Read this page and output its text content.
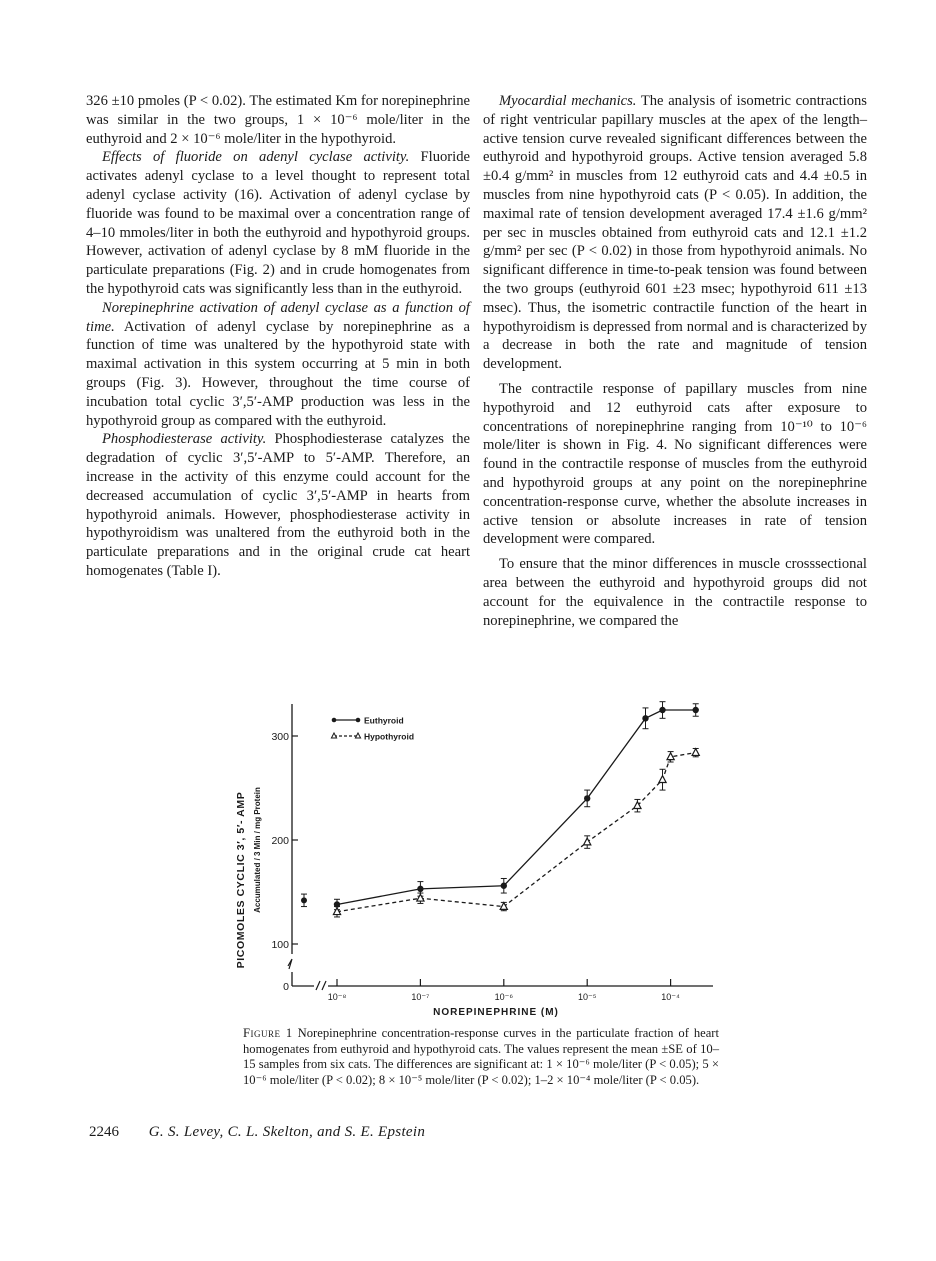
326 ±10 pmoles (P < 0.02). The estimated Km for norepinephrine was similar in the two groups, 1 × 10⁻⁶ mole/liter in the euthyroid and 2 × 10⁻⁶ mole/liter in the hypothyroid.

Effects of fluoride on adenyl cyclase activity. Fluoride activates adenyl cyclase to a level thought to represent total adenyl cyclase activity (16). Activation of adenyl cyclase by fluoride was found to be maximal over a concentration range of 4–10 mmoles/liter in both the euthyroid and hypothyroid groups. However, activation of adenyl cyclase by 8 mM fluoride in the particulate preparations (Fig. 2) and in crude homogenates from the hypothyroid cats was significantly less than in the euthyroid.

Norepinephrine activation of adenyl cyclase as a function of time. Activation of adenyl cyclase by norepinephrine as a function of time was unaltered by the hypothyroid state with maximal activation in this system occurring at 5 min in both groups (Fig. 3). However, throughout the time course of incubation total cyclic 3′,5′-AMP production was less in the hypothyroid group as compared with the euthyroid.

Phosphodiesterase activity. Phosphodiesterase catalyzes the degradation of cyclic 3′,5′-AMP to 5′-AMP. Therefore, an increase in the activity of this enzyme could account for the decreased accumulation of cyclic 3′,5′-AMP in hearts from hypothyroid animals. However, phosphodiesterase activity in hypothyroidism was unaltered from the euthyroid both in the particulate preparations and in the original crude cat heart homogenates (Table I).

Myocardial mechanics. The analysis of isometric contractions of right ventricular papillary muscles at the apex of the length–active tension curve revealed significant differences between the euthyroid and hypothyroid groups. Active tension averaged 5.8 ±0.4 g/mm² in muscles from 12 euthyroid cats and 4.4 ±0.5 in muscles from nine hypothyroid cats (P < 0.05). In addition, the maximal rate of tension development averaged 17.4 ±1.6 g/mm² per sec in muscles obtained from euthyroid cats and 12.1 ±1.2 g/mm² per sec (P < 0.02) in those from hypothyroid animals. No significant difference in time-to-peak tension was found between the two groups (euthyroid 601 ±23 msec; hypothyroid 611 ±13 msec). Thus, the isometric contractile function of the heart in hypothyroidism is depressed from normal and is characterized by a decrease in both the rate and magnitude of tension development.

The contractile response of papillary muscles from nine hypothyroid and 12 euthyroid cats after exposure to concentrations of norepinephrine ranging from 10⁻¹⁰ to 10⁻⁶ mole/liter is shown in Fig. 4. No significant differences were found in the contractile response of muscles from the euthyroid and hypothyroid groups at any point on the norepinephrine concentration-response curve, whether the absolute increases in active tension or absolute increases in rate of tension development were compared.

To ensure that the minor differences in muscle crosssectional area between the euthyroid and hypothyroid groups did not account for the equivalence in the contractile response to norepinephrine, we compared the

0
100
200
300
10⁻⁸	10⁻⁷	10⁻⁶	10⁻⁵	10⁻⁴
Euthyroid
Hypothyroid
PICOMOLES CYCLIC 3′, 5′- AMP Accumulated / 3 Min / mg Protein
NOREPINEPHRINE (M)
Figure 1 Norepinephrine concentration-response curves in the particulate fraction of heart homogenates from euthyroid and hypothyroid cats. The values represent the mean ±SE of 10–15 samples from six cats. The differences are significant at: 1 × 10⁻⁶ mole/liter (P < 0.05); 5 × 10⁻⁶ mole/liter (P < 0.02); 8 × 10⁻⁵ mole/liter (P < 0.02); 1–2 × 10⁻⁴ mole/liter (P < 0.05).
2246 G. S. Levey, C. L. Skelton, and S. E. Epstein
